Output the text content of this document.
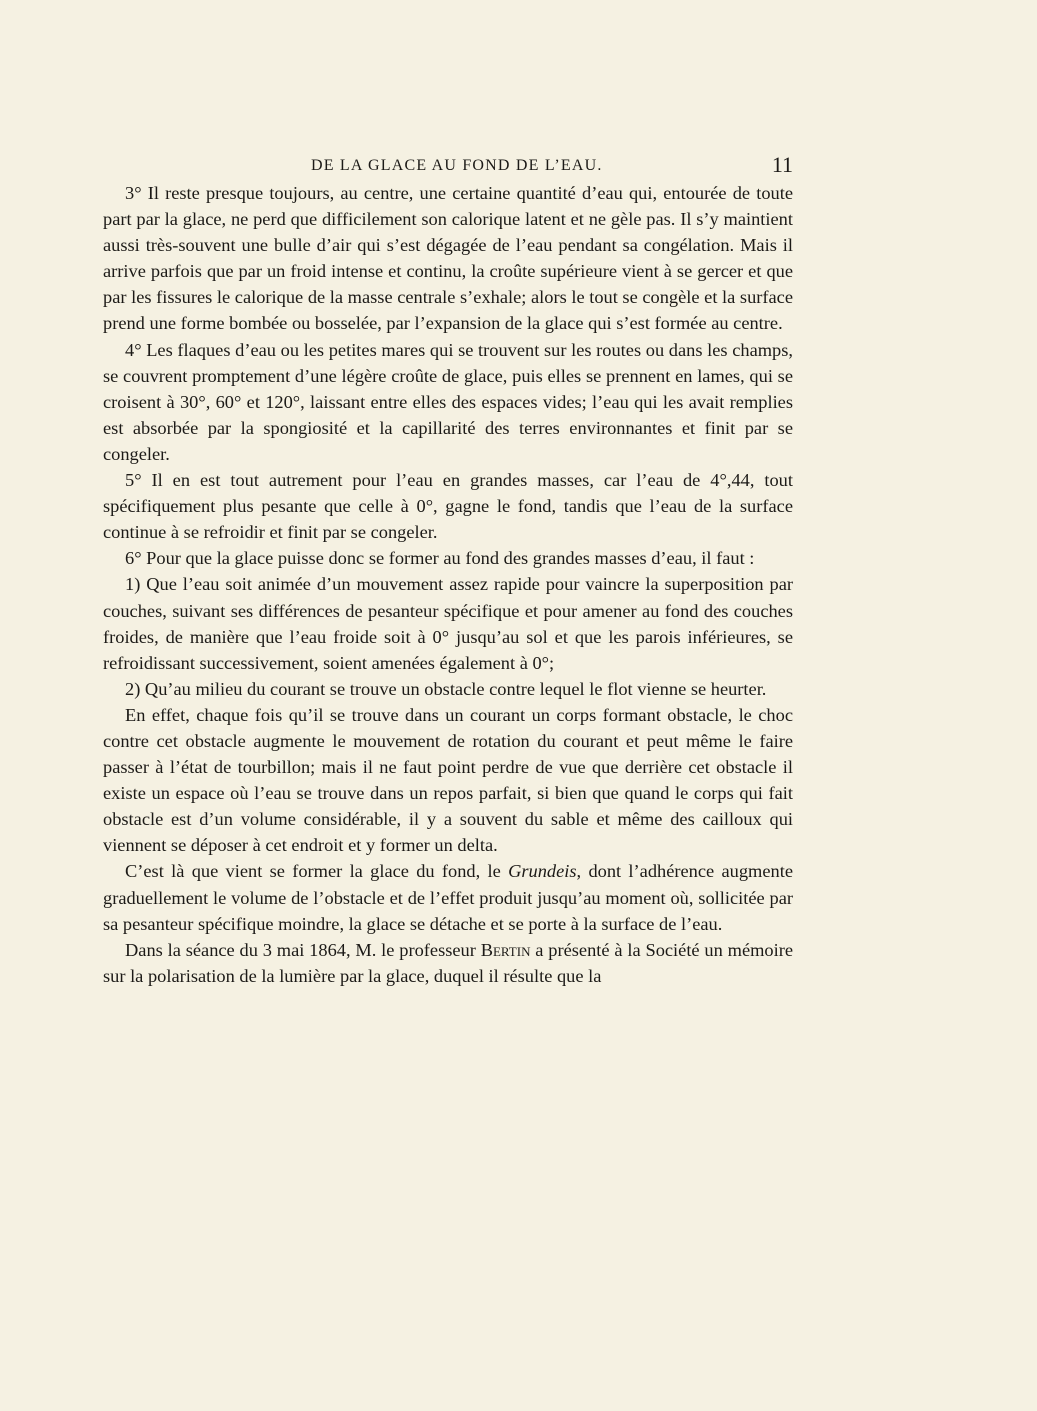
DE LA GLACE AU FOND DE L’EAU.	11

3° Il reste presque toujours, au centre, une certaine quantité d’eau qui, entourée de toute part par la glace, ne perd que difficilement son calorique latent et ne gèle pas. Il s’y maintient aussi très-souvent une bulle d’air qui s’est dégagée de l’eau pendant sa congélation. Mais il arrive parfois que par un froid intense et continu, la croûte supérieure vient à se gercer et que par les fissures le calorique de la masse centrale s’exhale; alors le tout se congèle et la surface prend une forme bombée ou bosselée, par l’expansion de la glace qui s’est formée au centre.

4° Les flaques d’eau ou les petites mares qui se trouvent sur les routes ou dans les champs, se couvrent promptement d’une légère croûte de glace, puis elles se prennent en lames, qui se croisent à 30°, 60° et 120°, laissant entre elles des espaces vides; l’eau qui les avait remplies est absorbée par la spongiosité et la capillarité des terres environnantes et finit par se congeler.

5° Il en est tout autrement pour l’eau en grandes masses, car l’eau de 4°,44, tout spécifiquement plus pesante que celle à 0°, gagne le fond, tandis que l’eau de la surface continue à se refroidir et finit par se congeler.

6° Pour que la glace puisse donc se former au fond des grandes masses d’eau, il faut :

1) Que l’eau soit animée d’un mouvement assez rapide pour vaincre la superposition par couches, suivant ses différences de pesanteur spécifique et pour amener au fond des couches froides, de manière que l’eau froide soit à 0° jusqu’au sol et que les parois inférieures, se refroidissant successivement, soient amenées également à 0°;

2) Qu’au milieu du courant se trouve un obstacle contre lequel le flot vienne se heurter.

En effet, chaque fois qu’il se trouve dans un courant un corps formant obstacle, le choc contre cet obstacle augmente le mouvement de rotation du courant et peut même le faire passer à l’état de tourbillon; mais il ne faut point perdre de vue que derrière cet obstacle il existe un espace où l’eau se trouve dans un repos parfait, si bien que quand le corps qui fait obstacle est d’un volume considérable, il y a souvent du sable et même des cailloux qui viennent se déposer à cet endroit et y former un delta.

C’est là que vient se former la glace du fond, le Grundeis, dont l’adhérence augmente graduellement le volume de l’obstacle et de l’effet produit jusqu’au moment où, sollicitée par sa pesanteur spécifique moindre, la glace se détache et se porte à la surface de l’eau.

Dans la séance du 3 mai 1864, M. le professeur Bertin a présenté à la Société un mémoire sur la polarisation de la lumière par la glace, duquel il résulte que la
